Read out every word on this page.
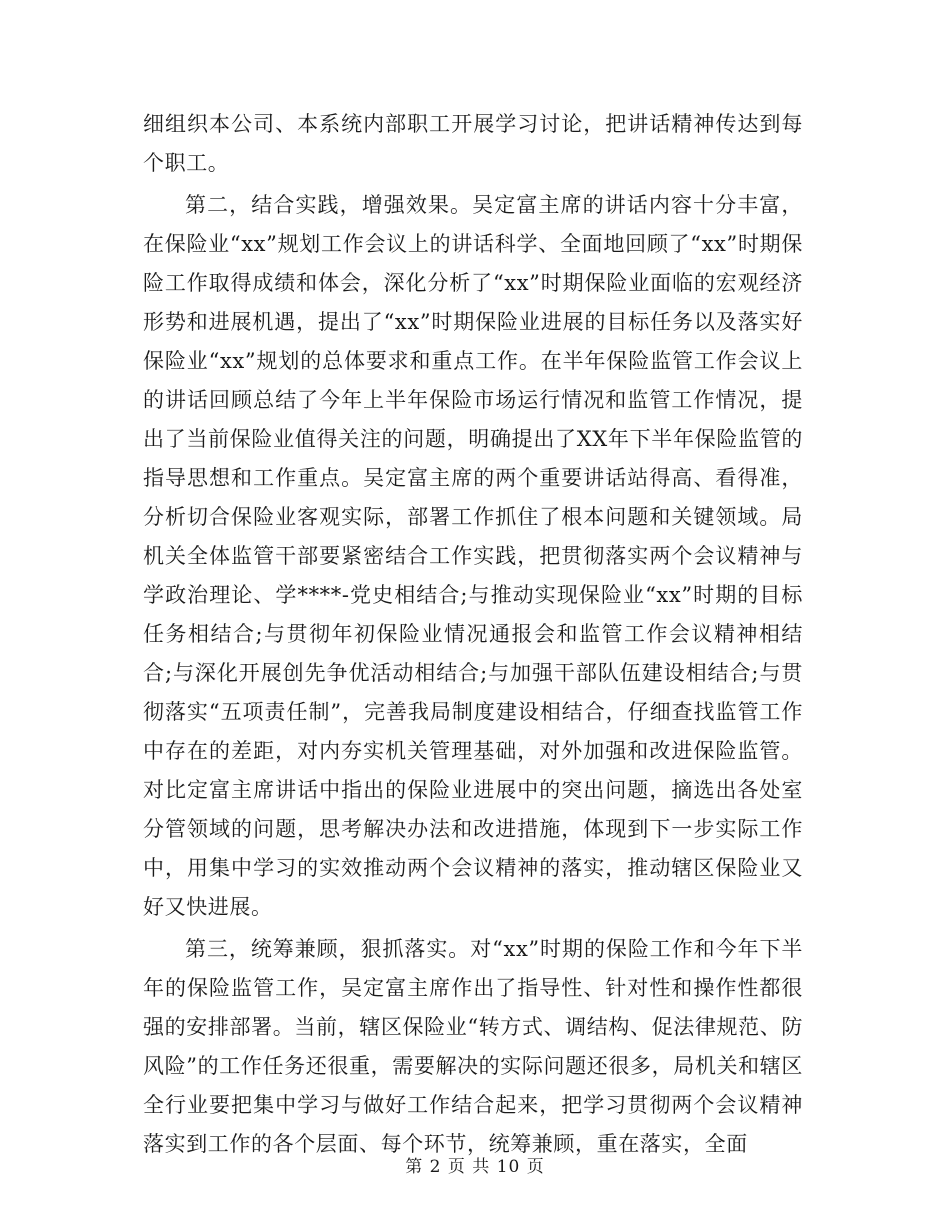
细组织本公司、本系统内部职工开展学习讨论，把讲话精神传达到每个职工。

第二，结合实践，增强效果。吴定富主席的讲话内容十分丰富，在保险业“xx”规划工作会议上的讲话科学、全面地回顾了“xx”时期保险工作取得成绩和体会，深化分析了“xx”时期保险业面临的宏观经济形势和进展机遇，提出了“xx”时期保险业进展的目标任务以及落实好保险业“xx”规划的总体要求和重点工作。在半年保险监管工作会议上的讲话回顾总结了今年上半年保险市场运行情况和监管工作情况，提出了当前保险业值得关注的问题，明确提出了XX年下半年保险监管的指导思想和工作重点。吴定富主席的两个重要讲话站得高、看得准，分析切合保险业客观实际，部署工作抓住了根本问题和关键领域。局机关全体监管干部要紧密结合工作实践，把贯彻落实两个会议精神与学政治理论、学****-党史相结合;与推动实现保险业“xx”时期的目标任务相结合;与贯彻年初保险业情况通报会和监管工作会议精神相结合;与深化开展创先争优活动相结合;与加强干部队伍建设相结合;与贯彻落实“五项责任制”，完善我局制度建设相结合，仔细查找监管工作中存在的差距，对内夯实机关管理基础，对外加强和改进保险监管。对比定富主席讲话中指出的保险业进展中的突出问题，摘选出各处室分管领域的问题，思考解决办法和改进措施，体现到下一步实际工作中，用集中学习的实效推动两个会议精神的落实，推动辖区保险业又好又快进展。

第三，统筹兼顾，狠抓落实。对“xx”时期的保险工作和今年下半年的保险监管工作，吴定富主席作出了指导性、针对性和操作性都很强的安排部署。当前，辖区保险业“转方式、调结构、促法律规范、防风险”的工作任务还很重，需要解决的实际问题还很多，局机关和辖区全行业要把集中学习与做好工作结合起来，把学习贯彻两个会议精神落实到工作的各个层面、每个环节，统筹兼顾，重在落实，全面

第 2 页 共 10 页
